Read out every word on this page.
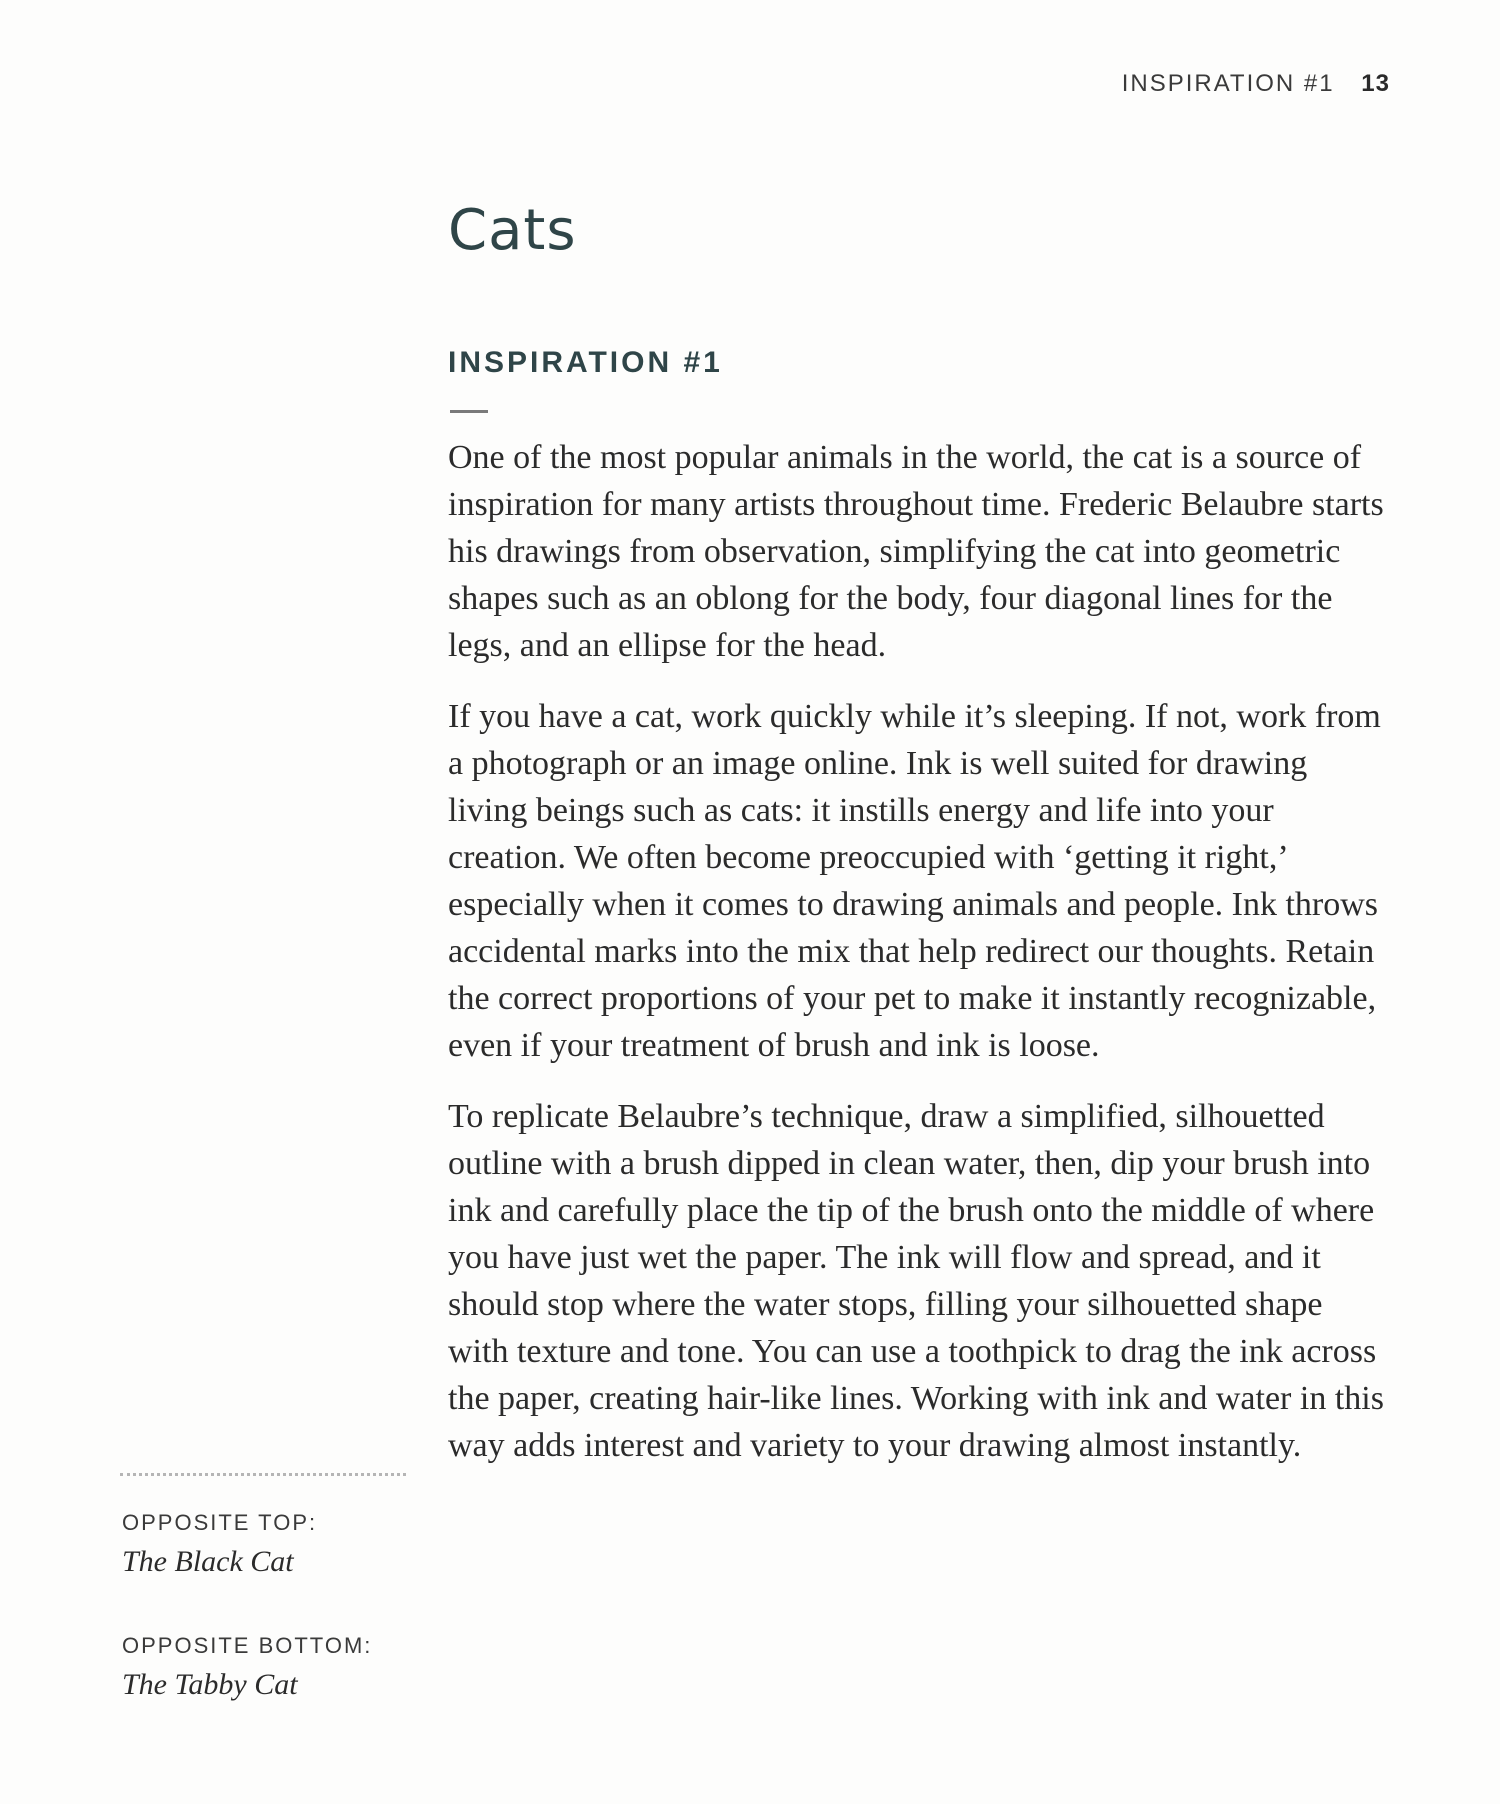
INSPIRATION #1 13
Cats
INSPIRATION #1

One of the most popular animals in the world, the cat is a source of inspiration for many artists throughout time. Frederic Belaubre starts his drawings from observation, simplifying the cat into geometric shapes such as an oblong for the body, four diagonal lines for the legs, and an ellipse for the head.

If you have a cat, work quickly while it’s sleeping. If not, work from a photograph or an image online. Ink is well suited for drawing living beings such as cats: it instills energy and life into your creation. We often become preoccupied with ‘getting it right,’ especially when it comes to drawing animals and people. Ink throws accidental marks into the mix that help redirect our thoughts. Retain the correct proportions of your pet to make it instantly recognizable, even if your treatment of brush and ink is loose.

To replicate Belaubre’s technique, draw a simplified, silhouetted outline with a brush dipped in clean water, then, dip your brush into ink and carefully place the tip of the brush onto the middle of where you have just wet the paper. The ink will flow and spread, and it should stop where the water stops, filling your silhouetted shape with texture and tone. You can use a toothpick to drag the ink across the paper, creating hair-like lines. Working with ink and water in this way adds interest and variety to your drawing almost instantly.

OPPOSITE TOP:
The Black Cat
OPPOSITE BOTTOM:
The Tabby Cat
